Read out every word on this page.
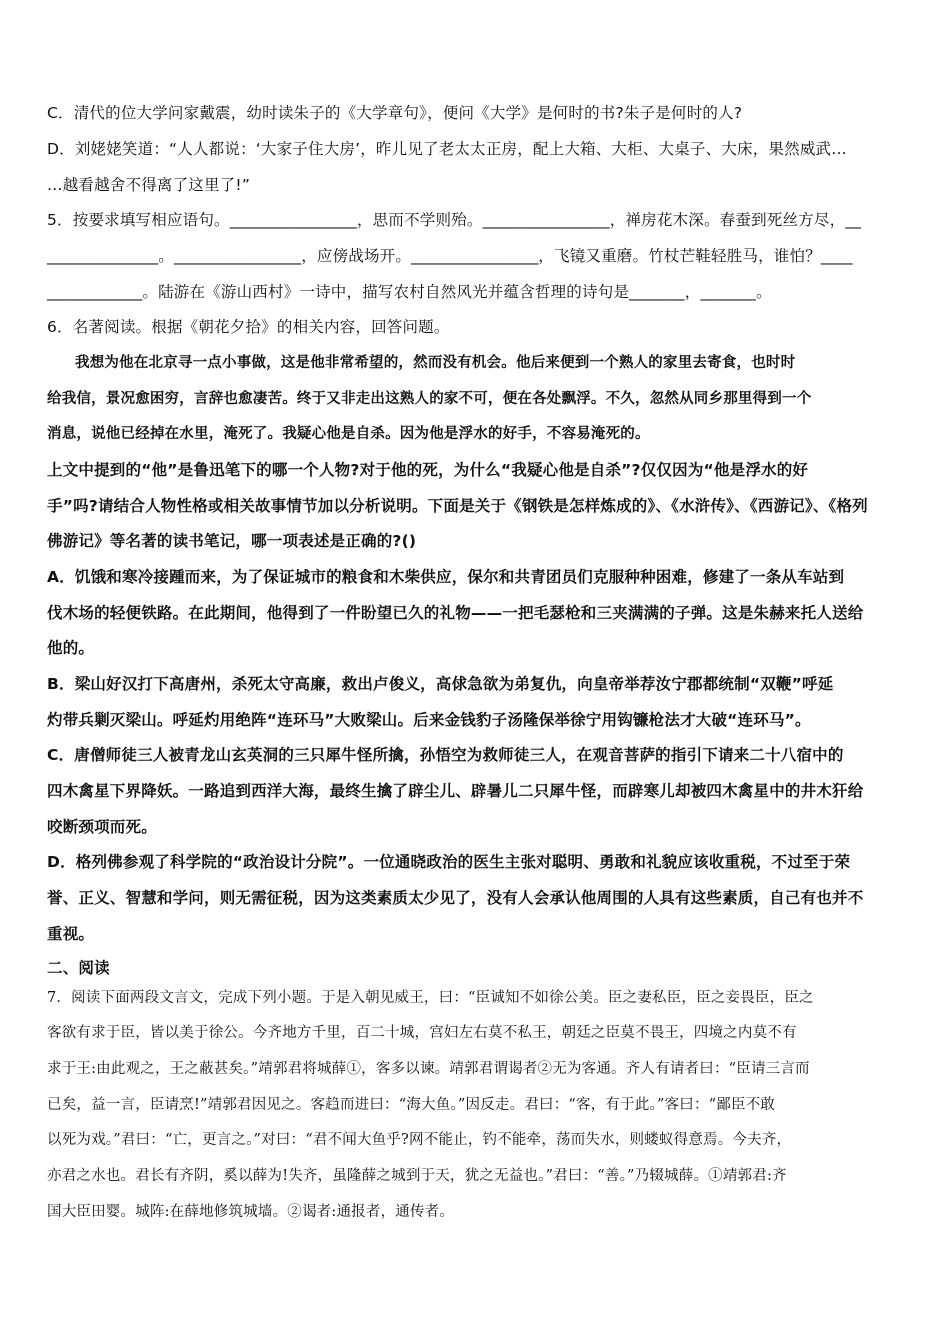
C．清代的位大学问家戴震，幼时读朱子的《大学章句》，便问《大学》是何时的书?朱子是何时的人?
D．刘姥姥笑道：“人人都说：‘大家子住大房’，昨儿见了老太太正房，配上大箱、大柜、大桌子、大床，果然威武…
…越看越舍不得离了这里了!”
5．按要求填写相应语句。________________，思而不学则殆。________________，禅房花木深。春蚕到死丝方尽，__
______________。________________，应傍战场开。________________，飞镜又重磨。竹杖芒鞋轻胜马，谁怕？____
____________。陆游在《游山西村》一诗中，描写农村自然风光并蕴含哲理的诗句是_______，_______。
6．名著阅读。根据《朝花夕拾》的相关内容，回答问题。
我想为他在北京寻一点小事做，这是他非常希望的，然而没有机会。他后来便到一个熟人的家里去寄食，也时时
给我信，景况愈困穷，言辞也愈凄苦。终于又非走出这熟人的家不可，便在各处飘浮。不久，忽然从同乡那里得到一个
消息，说他已经掉在水里，淹死了。我疑心他是自杀。因为他是浮水的好手，不容易淹死的。
上文中提到的“他”是鲁迅笔下的哪一个人物?对于他的死，为什么“我疑心他是自杀”?仅仅因为“他是浮水的好
手”吗?请结合人物性格或相关故事情节加以分析说明。下面是关于《钢铁是怎样炼成的》、《水浒传》、《西游记》、《格列
佛游记》等名著的读书笔记，哪一项表述是正确的?()
A．饥饿和寒冷接踵而来，为了保证城市的粮食和木柴供应，保尔和共青团员们克服种种困难，修建了一条从车站到
伐木场的轻便铁路。在此期间，他得到了一件盼望已久的礼物——一把毛瑟枪和三夹满满的子弹。这是朱赫来托人送给
他的。
B．梁山好汉打下高唐州，杀死太守高廉，救出卢俊义，高俅急欲为弟复仇，向皇帝举荐汝宁郡都统制“双鞭”呼延
灼带兵剿灭梁山。呼延灼用绝阵“连环马”大败梁山。后来金钱豹子汤隆保举徐宁用钩镰枪法才大破“连环马”。
C．唐僧师徒三人被青龙山玄英洞的三只犀牛怪所擒，孙悟空为救师徒三人，在观音菩萨的指引下请来二十八宿中的
四木禽星下界降妖。一路追到西洋大海，最终生擒了辟尘儿、辟暑儿二只犀牛怪，而辟寒儿却被四木禽星中的井木犴给
咬断颈项而死。
D．格列佛参观了科学院的“政治设计分院”。一位通晓政治的医生主张对聪明、勇敢和礼貌应该收重税，不过至于荣
誉、正义、智慧和学问，则无需征税，因为这类素质太少见了，没有人会承认他周围的人具有这些素质，自己有也并不
重视。
二、阅读
7．阅读下面两段文言文，完成下列小题。于是入朝见威王，曰：“臣诚知不如徐公美。臣之妻私臣，臣之妾畏臣，臣之
客欲有求于臣，皆以美于徐公。今齐地方千里，百二十城，宫妇左右莫不私王，朝廷之臣莫不畏王，四境之内莫不有
求于王:由此观之，王之蔽甚矣。”靖郭君将城薛①，客多以谏。靖郭君谓谒者②无为客通。齐人有请者曰：“臣请三言而
已矣，益一言，臣请烹!”靖郭君因见之。客趋而进曰：“海大鱼。”因反走。君曰：“客，有于此。”客曰：“鄙臣不敢
以死为戏。”君曰：“亡，更言之。”对曰：“君不闻大鱼乎?网不能止，钓不能牵，荡而失水，则蝼蚁得意焉。今夫齐，
亦君之水也。君长有齐阴，奚以薛为!失齐，虽隆薛之城到于天，犹之无益也。”君曰：“善。”乃辍城薛。①靖郭君:齐
国大臣田婴。城阵:在薛地修筑城墙。②谒者:通报者，通传者。
